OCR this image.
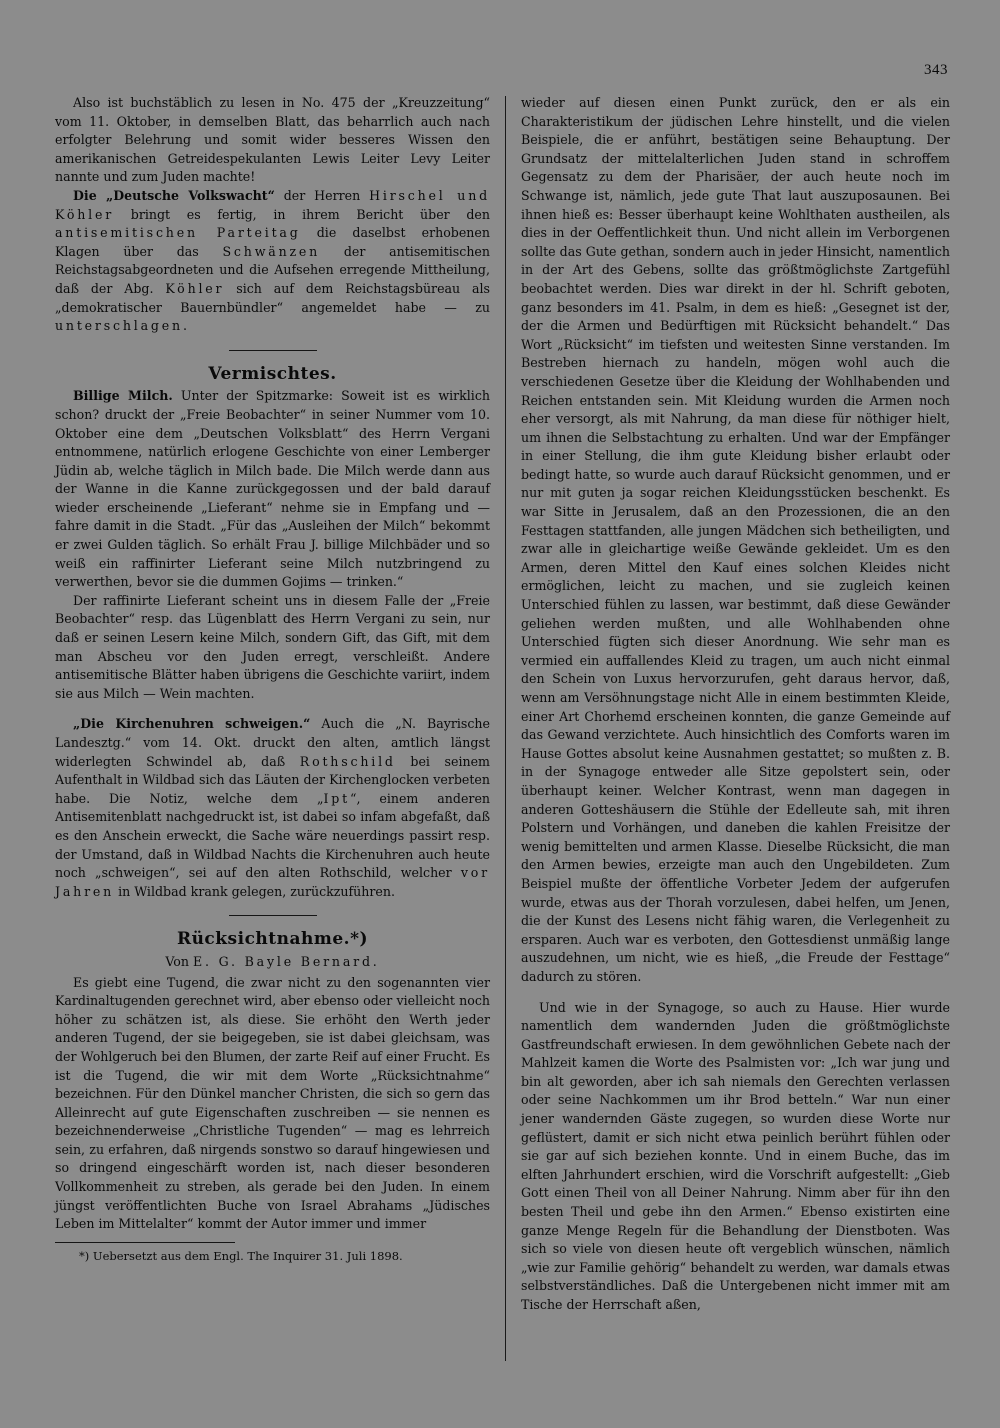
343

Also ist buchstäblich zu lesen in No. 475 der „Kreuzzeitung“ vom 11. Oktober, in demselben Blatt, das beharrlich auch nach erfolgter Belehrung und somit wider besseres Wissen den amerikanischen Getreidespekulanten Lewis Leiter Levy Leiter nannte und zum Juden machte!

Die „Deutsche Volkswacht“ der Herren Hirschel und Köhler bringt es fertig, in ihrem Bericht über den antisemitischen Parteitag die daselbst erhobenen Klagen über das Schwänzen der antisemitischen Reichstagsabgeordneten und die Aufsehen erregende Mittheilung, daß der Abg. Köhler sich auf dem Reichstagsbüreau als „demokratischer Bauernbündler“ angemeldet habe — zu unterschlagen.

Vermischtes.

Billige Milch. Unter der Spitzmarke: Soweit ist es wirklich schon? druckt der „Freie Beobachter“ in seiner Nummer vom 10. Oktober eine dem „Deutschen Volksblatt“ des Herrn Vergani entnommene, natürlich erlogene Geschichte von einer Lemberger Jüdin ab, welche täglich in Milch bade. Die Milch werde dann aus der Wanne in die Kanne zurückgegossen und der bald darauf wieder erscheinende „Lieferant“ nehme sie in Empfang und — fahre damit in die Stadt. „Für das „Ausleihen der Milch“ bekommt er zwei Gulden täglich. So erhält Frau J. billige Milchbäder und so weiß ein raffinirter Lieferant seine Milch nutzbringend zu verwerthen, bevor sie die dummen Gojims — trinken.“

Der raffinirte Lieferant scheint uns in diesem Falle der „Freie Beobachter“ resp. das Lügenblatt des Herrn Vergani zu sein, nur daß er seinen Lesern keine Milch, sondern Gift, das Gift, mit dem man Abscheu vor den Juden erregt, verschleißt. Andere antisemitische Blätter haben übrigens die Geschichte variirt, indem sie aus Milch — Wein machten.

„Die Kirchenuhren schweigen.“ Auch die „N. Bayrische Landesztg.“ vom 14. Okt. druckt den alten, amtlich längst widerlegten Schwindel ab, daß Rothschild bei seinem Aufenthalt in Wildbad sich das Läuten der Kirchenglocken verbeten habe. Die Notiz, welche dem „Ipt“, einem anderen Antisemitenblatt nachgedruckt ist, ist dabei so infam abgefaßt, daß es den Anschein erweckt, die Sache wäre neuerdings passirt resp. der Umstand, daß in Wildbad Nachts die Kirchenuhren auch heute noch „schweigen“, sei auf den alten Rothschild, welcher vor Jahren in Wildbad krank gelegen, zurückzuführen.

Rücksichtnahme.*)

Von E. G. Bayle Bernard.

Es giebt eine Tugend, die zwar nicht zu den sogenannten vier Kardinaltugenden gerechnet wird, aber ebenso oder vielleicht noch höher zu schätzen ist, als diese. Sie erhöht den Werth jeder anderen Tugend, der sie beigegeben, sie ist dabei gleichsam, was der Wohlgeruch bei den Blumen, der zarte Reif auf einer Frucht. Es ist die Tugend, die wir mit dem Worte „Rücksichtnahme“ bezeichnen. Für den Dünkel mancher Christen, die sich so gern das Alleinrecht auf gute Eigenschaften zuschreiben — sie nennen es bezeichnenderweise „Christliche Tugenden“ — mag es lehrreich sein, zu erfahren, daß nirgends sonstwo so darauf hingewiesen und so dringend eingeschärft worden ist, nach dieser besonderen Vollkommenheit zu streben, als gerade bei den Juden. In einem jüngst veröffentlichten Buche von Israel Abrahams „Jüdisches Leben im Mittelalter“ kommt der Autor immer und immer

*) Uebersetzt aus dem Engl. The Inquirer 31. Juli 1898.

wieder auf diesen einen Punkt zurück, den er als ein Charakteristikum der jüdischen Lehre hinstellt, und die vielen Beispiele, die er anführt, bestätigen seine Behauptung. Der Grundsatz der mittelalterlichen Juden stand in schroffem Gegensatz zu dem der Pharisäer, der auch heute noch im Schwange ist, nämlich, jede gute That laut auszuposaunen. Bei ihnen hieß es: Besser überhaupt keine Wohlthaten austheilen, als dies in der Oeffentlichkeit thun. Und nicht allein im Verborgenen sollte das Gute gethan, sondern auch in jeder Hinsicht, namentlich in der Art des Gebens, sollte das größtmöglichste Zartgefühl beobachtet werden. Dies war direkt in der hl. Schrift geboten, ganz besonders im 41. Psalm, in dem es hieß: „Gesegnet ist der, der die Armen und Bedürftigen mit Rücksicht behandelt.“ Das Wort „Rücksicht“ im tiefsten und weitesten Sinne verstanden. Im Bestreben hiernach zu handeln, mögen wohl auch die verschiedenen Gesetze über die Kleidung der Wohlhabenden und Reichen entstanden sein. Mit Kleidung wurden die Armen noch eher versorgt, als mit Nahrung, da man diese für nöthiger hielt, um ihnen die Selbstachtung zu erhalten. Und war der Empfänger in einer Stellung, die ihm gute Kleidung bisher erlaubt oder bedingt hatte, so wurde auch darauf Rücksicht genommen, und er nur mit guten ja sogar reichen Kleidungsstücken beschenkt. Es war Sitte in Jerusalem, daß an den Prozessionen, die an den Festtagen stattfanden, alle jungen Mädchen sich betheiligten, und zwar alle in gleichartige weiße Gewände gekleidet. Um es den Armen, deren Mittel den Kauf eines solchen Kleides nicht ermöglichen, leicht zu machen, und sie zugleich keinen Unterschied fühlen zu lassen, war bestimmt, daß diese Gewänder geliehen werden mußten, und alle Wohlhabenden ohne Unterschied fügten sich dieser Anordnung. Wie sehr man es vermied ein auffallendes Kleid zu tragen, um auch nicht einmal den Schein von Luxus hervorzurufen, geht daraus hervor, daß, wenn am Versöhnungstage nicht Alle in einem bestimmten Kleide, einer Art Chorhemd erscheinen konnten, die ganze Gemeinde auf das Gewand verzichtete. Auch hinsichtlich des Comforts waren im Hause Gottes absolut keine Ausnahmen gestattet; so mußten z. B. in der Synagoge entweder alle Sitze gepolstert sein, oder überhaupt keiner. Welcher Kontrast, wenn man dagegen in anderen Gotteshäusern die Stühle der Edelleute sah, mit ihren Polstern und Vorhängen, und daneben die kahlen Freisitze der wenig bemittelten und armen Klasse. Dieselbe Rücksicht, die man den Armen bewies, erzeigte man auch den Ungebildeten. Zum Beispiel mußte der öffentliche Vorbeter Jedem der aufgerufen wurde, etwas aus der Thorah vorzulesen, dabei helfen, um Jenen, die der Kunst des Lesens nicht fähig waren, die Verlegenheit zu ersparen. Auch war es verboten, den Gottesdienst unmäßig lange auszudehnen, um nicht, wie es hieß, „die Freude der Festtage“ dadurch zu stören.

Und wie in der Synagoge, so auch zu Hause. Hier wurde namentlich dem wandernden Juden die größtmöglichste Gastfreundschaft erwiesen. In dem gewöhnlichen Gebete nach der Mahlzeit kamen die Worte des Psalmisten vor: „Ich war jung und bin alt geworden, aber ich sah niemals den Gerechten verlassen oder seine Nachkommen um ihr Brod betteln.“ War nun einer jener wandernden Gäste zugegen, so wurden diese Worte nur geflüstert, damit er sich nicht etwa peinlich berührt fühlen oder sie gar auf sich beziehen konnte. Und in einem Buche, das im elften Jahrhundert erschien, wird die Vorschrift aufgestellt: „Gieb Gott einen Theil von all Deiner Nahrung. Nimm aber für ihn den besten Theil und gebe ihn den Armen.“ Ebenso existirten eine ganze Menge Regeln für die Behandlung der Dienstboten. Was sich so viele von diesen heute oft vergeblich wünschen, nämlich „wie zur Familie gehörig“ behandelt zu werden, war damals etwas selbstverständliches. Daß die Untergebenen nicht immer mit am Tische der Herrschaft aßen,
